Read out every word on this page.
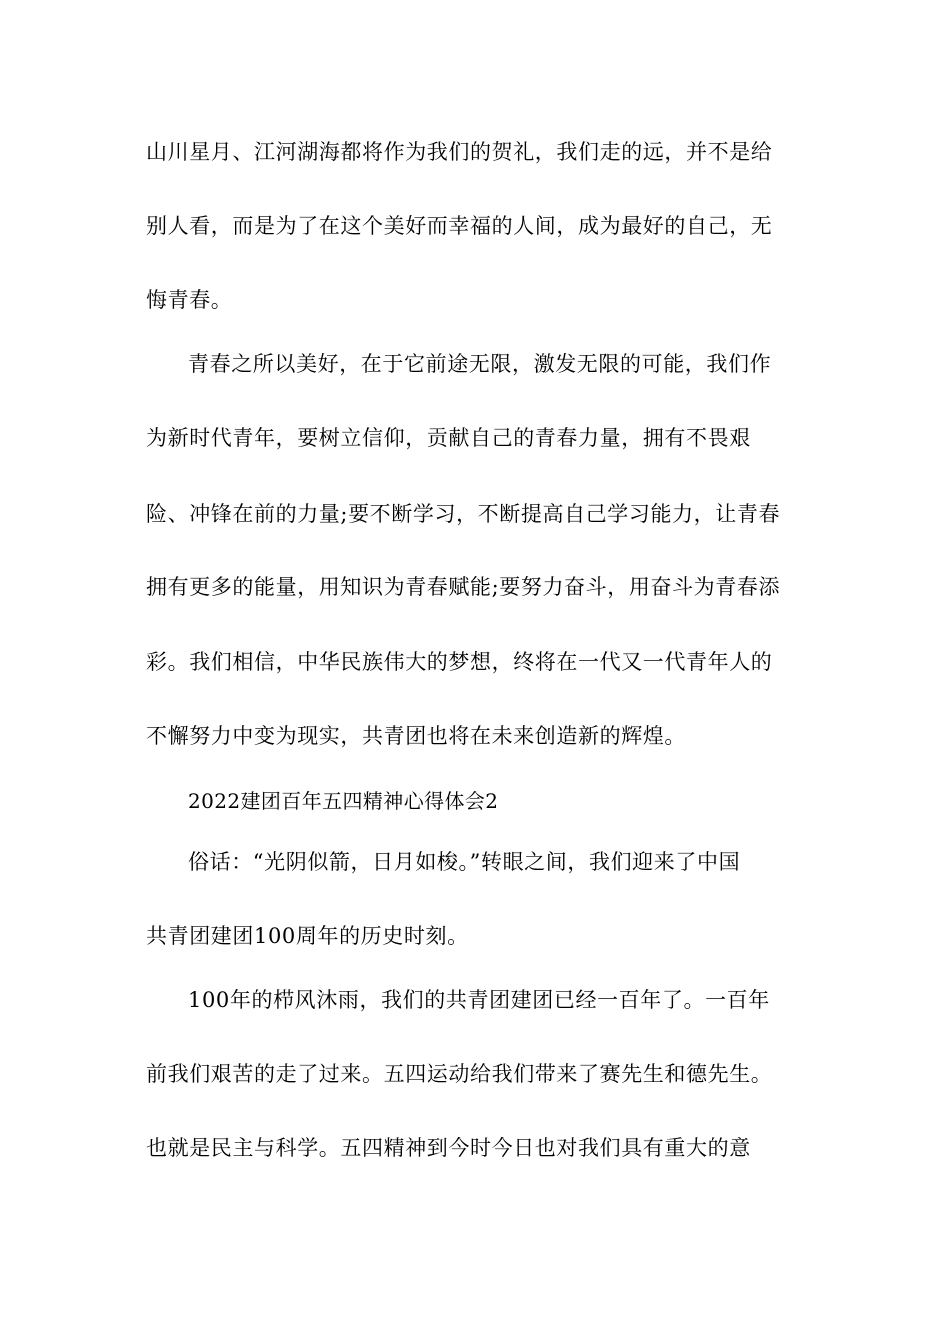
山川星月、江河湖海都将作为我们的贺礼，我们走的远，并不是给
别人看，而是为了在这个美好而幸福的人间，成为最好的自己，无
悔青春。
青春之所以美好，在于它前途无限，激发无限的可能，我们作
为新时代青年，要树立信仰，贡献自己的青春力量，拥有不畏艰
险、冲锋在前的力量;要不断学习，不断提高自己学习能力，让青春
拥有更多的能量，用知识为青春赋能;要努力奋斗，用奋斗为青春添
彩。我们相信，中华民族伟大的梦想，终将在一代又一代青年人的
不懈努力中变为现实，共青团也将在未来创造新的辉煌。
2022建团百年五四精神心得体会2
俗话：“光阴似箭，日月如梭。”转眼之间，我们迎来了中国
共青团建团100周年的历史时刻。
100年的栉风沐雨，我们的共青团建团已经一百年了。一百年
前我们艰苦的走了过来。五四运动给我们带来了赛先生和德先生。
也就是民主与科学。五四精神到今时今日也对我们具有重大的意
